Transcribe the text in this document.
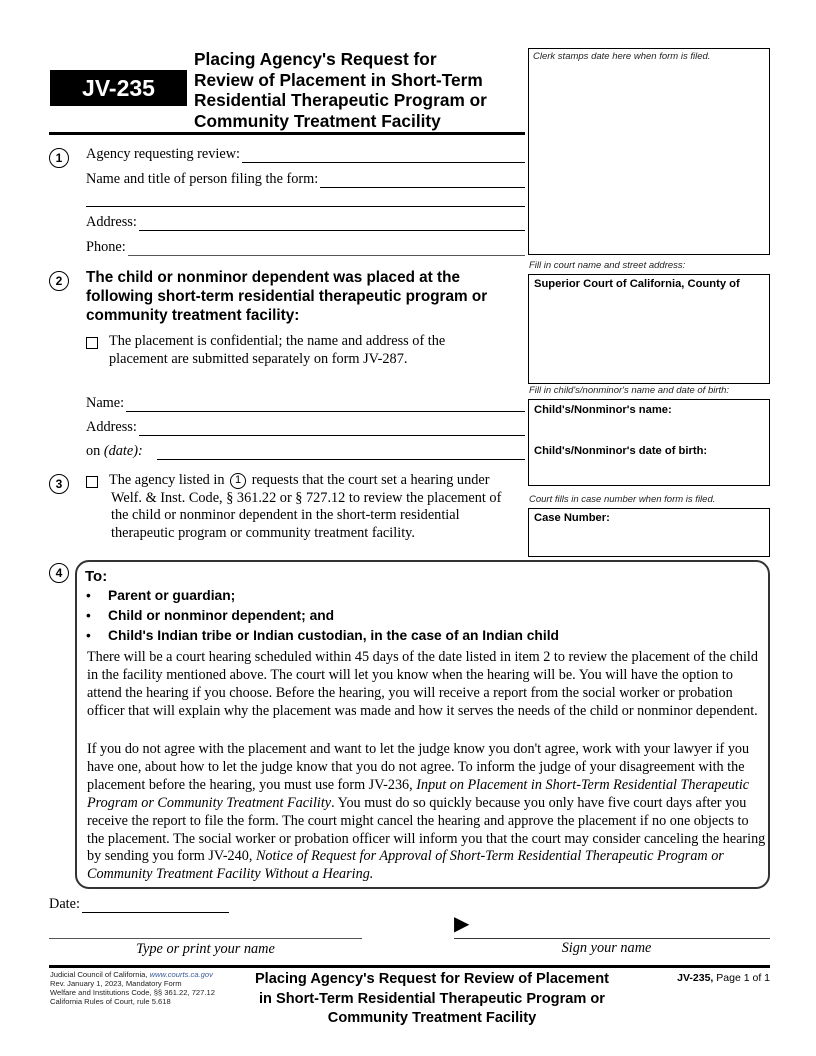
JV-235
Placing Agency's Request for
Review of Placement in Short-Term
Residential Therapeutic Program or
Community Treatment Facility
Clerk stamps date here when form is filed.
Fill in court name and street address:
Superior Court of California, County of
Fill in child's/nonminor's name and date of birth:
Child's/Nonminor's name:
Child's/Nonminor's date of birth:
Court fills in case number when form is filed.
Case Number:
1 Agency requesting review:
Name and title of person filing the form:
Address:
Phone:
2 The child or nonminor dependent was placed at the
following short-term residential therapeutic program or
community treatment facility:
The placement is confidential; the name and address of the
placement are submitted separately on form JV-287.
Name:
Address:
on (date):
3	The agency listed in 1 requests that the court set a hearing under
Welf. & Inst. Code, § 361.22 or § 727.12 to review the placement of
the child or nonminor dependent in the short-term residential
therapeutic program or community treatment facility.
4 To:
•	Parent or guardian;
•	Child or nonminor dependent; and
•	Child's Indian tribe or Indian custodian, in the case of an Indian child
There will be a court hearing scheduled within 45 days of the date listed in item 2 to review the placement of the child in the facility mentioned above. The court will let you know when the hearing will be. You will have the option to attend the hearing if you choose. Before the hearing, you will receive a report from the social worker or probation officer that will explain why the placement was made and how it serves the needs of the child or nonminor dependent.
If you do not agree with the placement and want to let the judge know you don't agree, work with your lawyer if you have one, about how to let the judge know that you do not agree. To inform the judge of your disagreement with the placement before the hearing, you must use form JV-236, Input on Placement in Short-Term Residential Therapeutic Program or Community Treatment Facility. You must do so quickly because you only have five court days after you receive the report to file the form. The court might cancel the hearing and approve the placement if no one objects to the placement. The social worker or probation officer will inform you that the court may consider canceling the hearing by sending you form JV-240, Notice of Request for Approval of Short-Term Residential Therapeutic Program or Community Treatment Facility Without a Hearing.
Date:
Type or print your name
▶
Sign your name
Judicial Council of California, www.courts.ca.gov
Rev. January 1, 2023, Mandatory Form
Welfare and Institutions Code, §§ 361.22, 727.12
California Rules of Court, rule 5.618
Placing Agency's Request for Review of Placement
in Short-Term Residential Therapeutic Program or
Community Treatment Facility
JV-235, Page 1 of 1
